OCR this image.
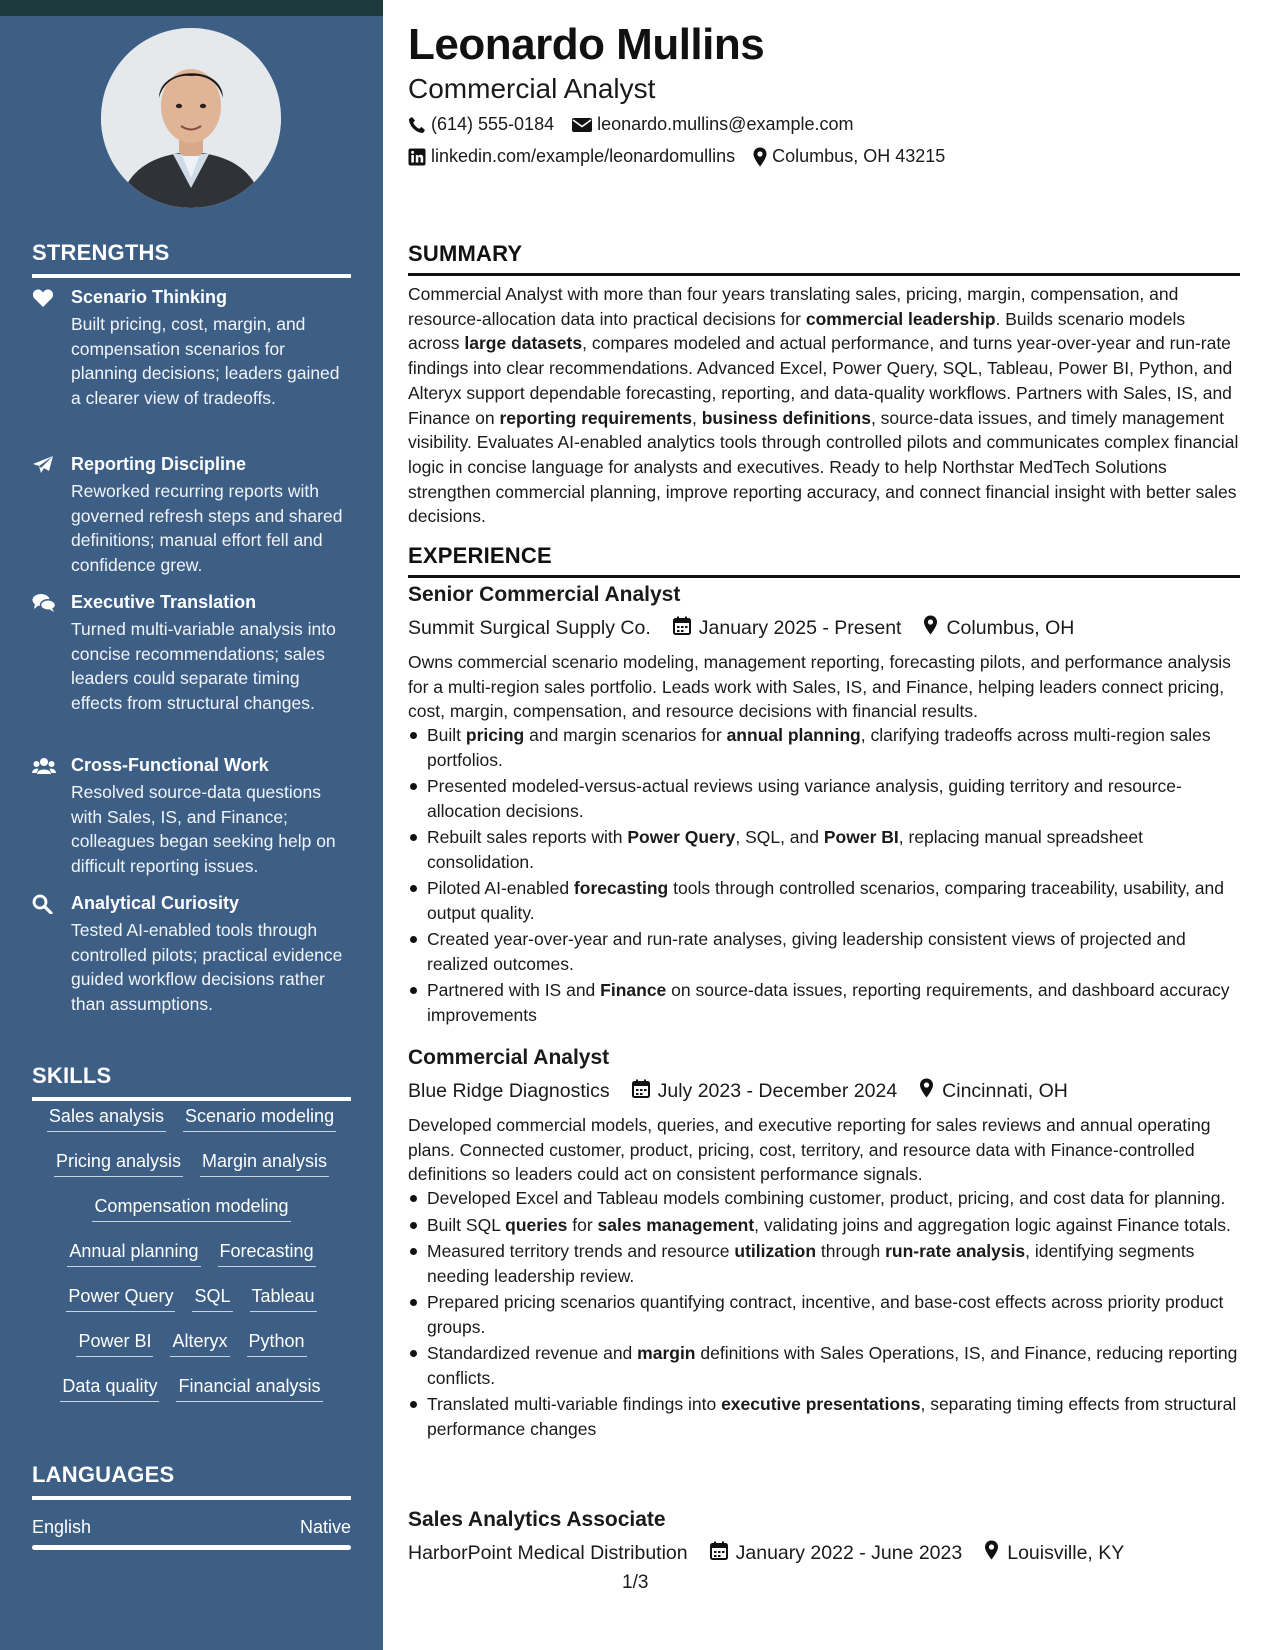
STRENGTHS
Scenario Thinking
Built pricing, cost, margin, and compensation scenarios for planning decisions; leaders gained a clearer view of tradeoffs.
Reporting Discipline
Reworked recurring reports with governed refresh steps and shared definitions; manual effort fell and confidence grew.
Executive Translation
Turned multi-variable analysis into concise recommendations; sales leaders could separate timing effects from structural changes.
Cross-Functional Work
Resolved source-data questions with Sales, IS, and Finance; colleagues began seeking help on difficult reporting issues.
Analytical Curiosity
Tested AI-enabled tools through controlled pilots; practical evidence guided workflow decisions rather than assumptions.
SKILLS
Sales analysis Scenario modeling
Pricing analysis Margin analysis
Compensation modeling
Annual planning Forecasting
Power Query SQL Tableau
Power BI Alteryx Python
Data quality Financial analysis
LANGUAGES
English	Native
Leonardo Mullins
Commercial Analyst
(614) 555-0184 leonardo.mullins@example.com
linkedin.com/example/leonardomullins Columbus, OH 43215
SUMMARY
Commercial Analyst with more than four years translating sales, pricing, margin, compensation, and resource-allocation data into practical decisions for commercial leadership. Builds scenario models across large datasets, compares modeled and actual performance, and turns year-over-year and run-rate findings into clear recommendations. Advanced Excel, Power Query, SQL, Tableau, Power BI, Python, and Alteryx support dependable forecasting, reporting, and data-quality workflows. Partners with Sales, IS, and Finance on reporting requirements, business definitions, source-data issues, and timely management visibility. Evaluates AI-enabled analytics tools through controlled pilots and communicates complex financial logic in concise language for analysts and executives. Ready to help Northstar MedTech Solutions strengthen commercial planning, improve reporting accuracy, and connect financial insight with better sales decisions.
EXPERIENCE
Senior Commercial Analyst
Summit Surgical Supply Co. January 2025 - Present Columbus, OH
Owns commercial scenario modeling, management reporting, forecasting pilots, and performance analysis for a multi-region sales portfolio. Leads work with Sales, IS, and Finance, helping leaders connect pricing, cost, margin, compensation, and resource decisions with financial results.
Built pricing and margin scenarios for annual planning, clarifying tradeoffs across multi-region sales portfolios.
Presented modeled-versus-actual reviews using variance analysis, guiding territory and resource-allocation decisions.
Rebuilt sales reports with Power Query, SQL, and Power BI, replacing manual spreadsheet consolidation.
Piloted AI-enabled forecasting tools through controlled scenarios, comparing traceability, usability, and output quality.
Created year-over-year and run-rate analyses, giving leadership consistent views of projected and realized outcomes.
Partnered with IS and Finance on source-data issues, reporting requirements, and dashboard accuracy improvements
Commercial Analyst
Blue Ridge Diagnostics July 2023 - December 2024 Cincinnati, OH
Developed commercial models, queries, and executive reporting for sales reviews and annual operating plans. Connected customer, product, pricing, cost, territory, and resource data with Finance-controlled definitions so leaders could act on consistent performance signals.
Developed Excel and Tableau models combining customer, product, pricing, and cost data for planning.
Built SQL queries for sales management, validating joins and aggregation logic against Finance totals.
Measured territory trends and resource utilization through run-rate analysis, identifying segments needing leadership review.
Prepared pricing scenarios quantifying contract, incentive, and base-cost effects across priority product groups.
Standardized revenue and margin definitions with Sales Operations, IS, and Finance, reducing reporting conflicts.
Translated multi-variable findings into executive presentations, separating timing effects from structural performance changes
Sales Analytics Associate
HarborPoint Medical Distribution January 2022 - June 2023 Louisville, KY
1/3
